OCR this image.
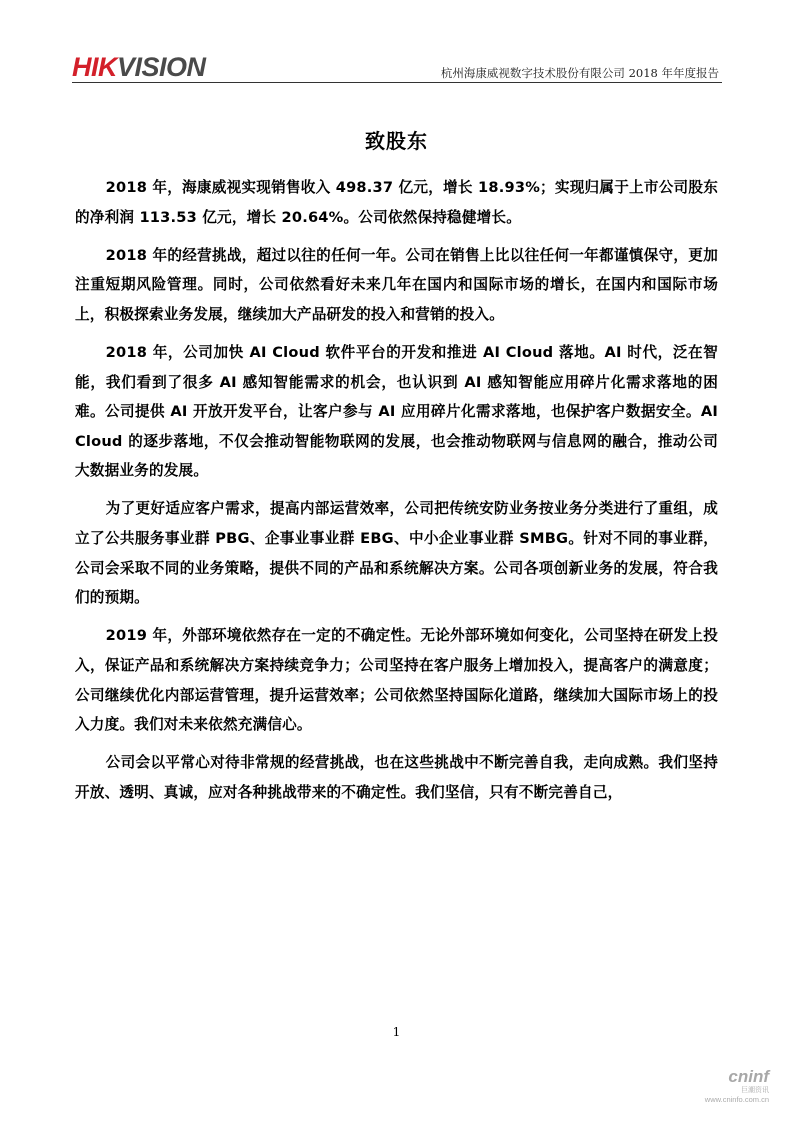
HIKVISION	杭州海康威视数字技术股份有限公司 2018 年年度报告
致股东

2018 年，海康威视实现销售收入 498.37 亿元，增长 18.93%；实现归属于上市公司股东的净利润 113.53 亿元，增长 20.64%。公司依然保持稳健增长。

2018 年的经营挑战，超过以往的任何一年。公司在销售上比以往任何一年都谨慎保守，更加注重短期风险管理。同时，公司依然看好未来几年在国内和国际市场的增长，在国内和国际市场上，积极探索业务发展，继续加大产品研发的投入和营销的投入。

2018 年，公司加快 AI Cloud 软件平台的开发和推进 AI Cloud 落地。AI 时代，泛在智能，我们看到了很多 AI 感知智能需求的机会，也认识到 AI 感知智能应用碎片化需求落地的困难。公司提供 AI 开放开发平台，让客户参与 AI 应用碎片化需求落地，也保护客户数据安全。AI Cloud 的逐步落地，不仅会推动智能物联网的发展，也会推动物联网与信息网的融合，推动公司大数据业务的发展。

为了更好适应客户需求，提高内部运营效率，公司把传统安防业务按业务分类进行了重组，成立了公共服务事业群 PBG、企事业事业群 EBG、中小企业事业群 SMBG。针对不同的事业群，公司会采取不同的业务策略，提供不同的产品和系统解决方案。公司各项创新业务的发展，符合我们的预期。

2019 年，外部环境依然存在一定的不确定性。无论外部环境如何变化，公司坚持在研发上投入，保证产品和系统解决方案持续竞争力；公司坚持在客户服务上增加投入，提高客户的满意度；公司继续优化内部运营管理，提升运营效率；公司依然坚持国际化道路，继续加大国际市场上的投入力度。我们对未来依然充满信心。

公司会以平常心对待非常规的经营挑战，也在这些挑战中不断完善自我，走向成熟。我们坚持开放、透明、真诚，应对各种挑战带来的不确定性。我们坚信，只有不断完善自己，

1
cninf
巨潮资讯
www.cninfo.com.cn
